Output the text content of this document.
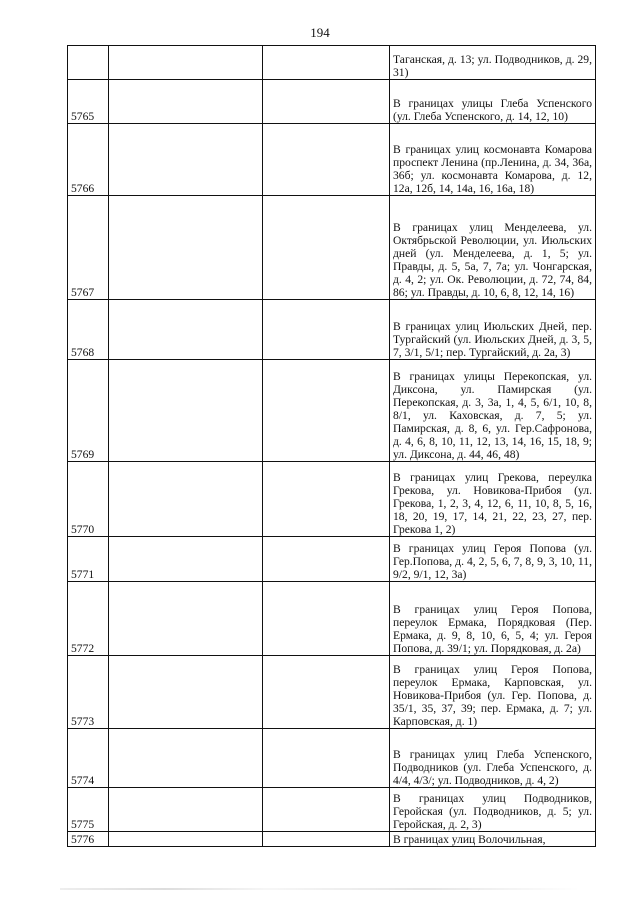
194
			Таганская, д. 13; ул. Подводников, д. 29, 31)
5765			В границах улицы Глеба Успенского (ул. Глеба Успенского, д. 14, 12, 10)
5766			В границах улиц космонавта Комарова проспект Ленина (пр.Ленина, д. 34, 36а, 36б; ул. космонавта Комарова, д. 12, 12а, 12б, 14, 14а, 16, 16а, 18)
5767			В границах улиц Менделеева, ул. Октябрьской Революции, ул. Июльских дней (ул. Менделеева, д. 1, 5; ул. Правды, д. 5, 5а, 7, 7а; ул. Чонгарская, д. 4, 2; ул. Ок. Революции, д. 72, 74, 84, 86; ул. Правды, д. 10, 6, 8, 12, 14, 16)
5768			В границах улиц Июльских Дней, пер. Тургайский (ул. Июльских Дней, д. 3, 5, 7, 3/1, 5/1; пер. Тургайский, д. 2а, 3)
5769			В границах улицы Перекопская, ул. Диксона, ул. Памирская (ул. Перекопская, д. 3, 3а, 1, 4, 5, 6/1, 10, 8, 8/1, ул. Каховская, д. 7, 5; ул. Памирская, д. 8, 6, ул. Гер.Сафронова, д. 4, 6, 8, 10, 11, 12, 13, 14, 16, 15, 18, 9; ул. Диксона, д. 44, 46, 48)
5770			В границах улиц Грекова, переулка Грекова, ул. Новикова-Прибоя (ул. Грекова, 1, 2, 3, 4, 12, 6, 11, 10, 8, 5, 16, 18, 20, 19, 17, 14, 21, 22, 23, 27, пер. Грекова 1, 2)
5771			В границах улиц Героя Попова (ул. Гер.Попова, д. 4, 2, 5, 6, 7, 8, 9, 3, 10, 11, 9/2, 9/1, 12, 3а)
5772			В границах улиц Героя Попова, переулок Ермака, Порядковая (Пер. Ермака, д. 9, 8, 10, 6, 5, 4; ул. Героя Попова, д. 39/1; ул. Порядковая, д. 2а)
5773			В границах улиц Героя Попова, переулок Ермака, Карповская, ул. Новикова-Прибоя (ул. Гер. Попова, д. 35/1, 35, 37, 39; пер. Ермака, д. 7; ул. Карповская, д. 1)
5774			В границах улиц Глеба Успенского, Подводников (ул. Глеба Успенского, д. 4/4, 4/3/; ул. Подводников, д. 4, 2)
5775			В границах улиц Подводников, Геройская (ул. Подводников, д. 5; ул. Геройская, д. 2, 3)
5776			В границах улиц Волочильная,
